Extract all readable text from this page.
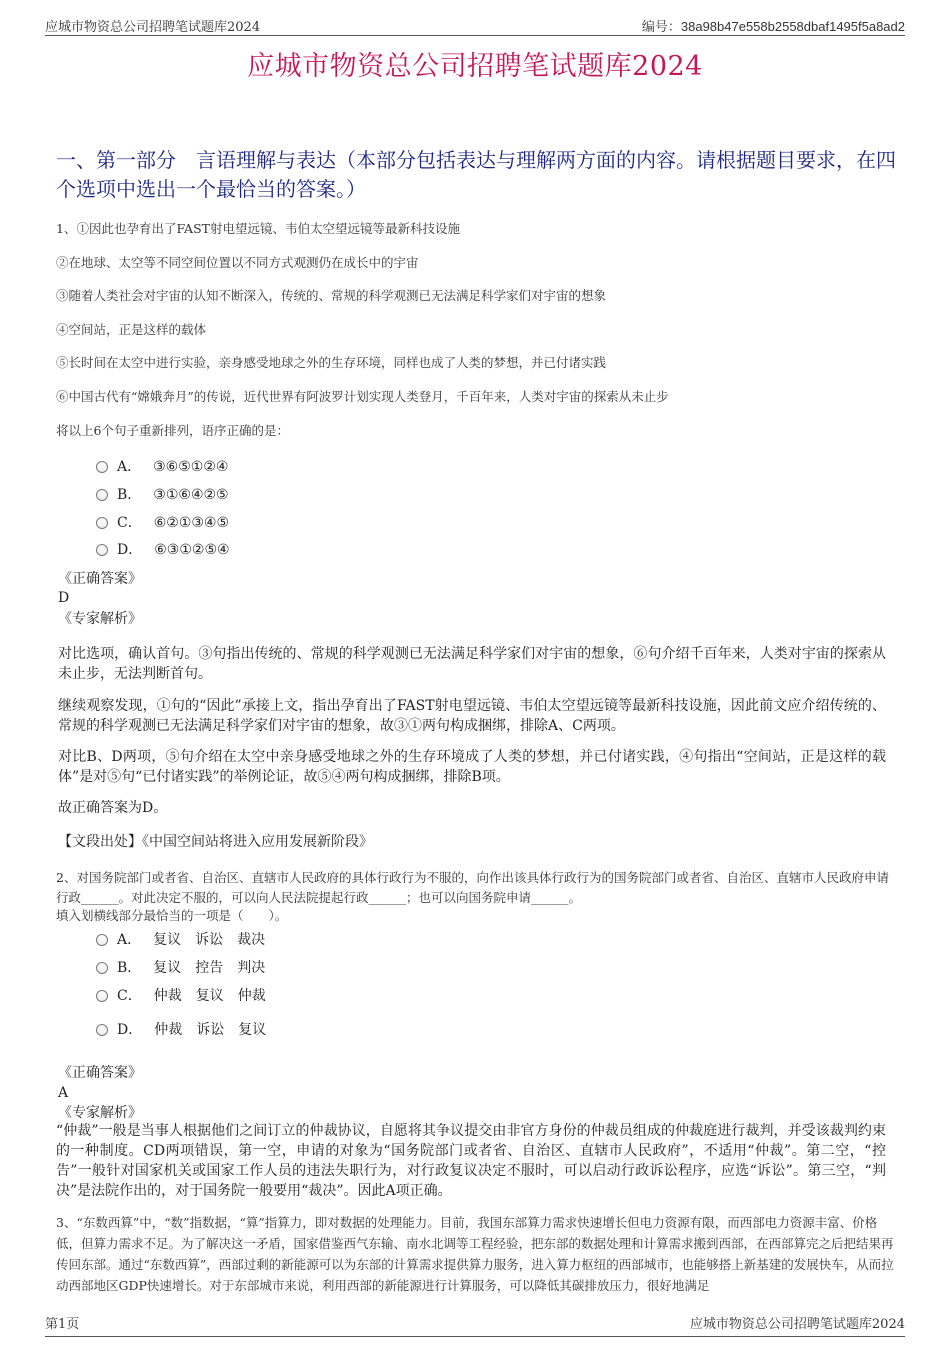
应城市物资总公司招聘笔试题库2024	编号：38a98b47e558b2558dbaf1495f5a8ad2
应城市物资总公司招聘笔试题库2024
一、第一部分　言语理解与表达（本部分包括表达与理解两方面的内容。请根据题目要求，在四个选项中选出一个最恰当的答案。）
1、①因此也孕育出了FAST射电望远镜、韦伯太空望远镜等最新科技设施
②在地球、太空等不同空间位置以不同方式观测仍在成长中的宇宙
③随着人类社会对宇宙的认知不断深入，传统的、常规的科学观测已无法满足科学家们对宇宙的想象
④空间站，正是这样的载体
⑤长时间在太空中进行实验，亲身感受地球之外的生存环境，同样也成了人类的梦想，并已付诸实践
⑥中国古代有“嫦娥奔月”的传说，近代世界有阿波罗计划实现人类登月，千百年来，人类对宇宙的探索从未止步
将以上6个句子重新排列，语序正确的是：
A． ③⑥⑤①②④
B． ③①⑥④②⑤
C． ⑥②①③④⑤
D． ⑥③①②⑤④
《正确答案》
D
《专家解析》
对比选项，确认首句。③句指出传统的、常规的科学观测已无法满足科学家们对宇宙的想象，⑥句介绍千百年来，人类对宇宙的探索从未止步，无法判断首句。
继续观察发现，①句的“因此”承接上文，指出孕育出了FAST射电望远镜、韦伯太空望远镜等最新科技设施，因此前文应介绍传统的、常规的科学观测已无法满足科学家们对宇宙的想象，故③①两句构成捆绑，排除A、C两项。
对比B、D两项，⑤句介绍在太空中亲身感受地球之外的生存环境成了人类的梦想，并已付诸实践，④句指出“空间站，正是这样的载体”是对⑤句“已付诸实践”的举例论证，故⑤④两句构成捆绑，排除B项。
故正确答案为D。
【文段出处】《中国空间站将进入应用发展新阶段》
2、对国务院部门或者省、自治区、直辖市人民政府的具体行政行为不服的，向作出该具体行政行为的国务院部门或者省、自治区、直辖市人民政府申请行政______。对此决定不服的，可以向人民法院提起行政______；也可以向国务院申请______。
填入划横线部分最恰当的一项是（　　）。
A． 复议　诉讼　裁决
B． 复议　控告　判决
C． 仲裁　复议　仲裁
D． 仲裁　诉讼　复议
《正确答案》
A
《专家解析》
“仲裁”一般是当事人根据他们之间订立的仲裁协议，自愿将其争议提交由非官方身份的仲裁员组成的仲裁庭进行裁判，并受该裁判约束的一种制度。CD两项错误，第一空，申请的对象为“国务院部门或者省、自治区、直辖市人民政府”，不适用“仲裁”。第二空，“控告”一般针对国家机关或国家工作人员的违法失职行为，对行政复议决定不服时，可以启动行政诉讼程序，应选“诉讼”。第三空，“判决”是法院作出的，对于国务院一般要用“裁决”。因此A项正确。
3、“东数西算”中，“数”指数据，“算”指算力，即对数据的处理能力。目前，我国东部算力需求快速增长但电力资源有限，而西部电力资源丰富、价格低，但算力需求不足。为了解决这一矛盾，国家借鉴西气东输、南水北调等工程经验，把东部的数据处理和计算需求搬到西部，在西部算完之后把结果再传回东部。通过“东数西算”，西部过剩的新能源可以为东部的计算需求提供算力服务，进入算力枢纽的西部城市，也能够搭上新基建的发展快车，从而拉动西部地区GDP快速增长。对于东部城市来说，利用西部的新能源进行计算服务，可以降低其碳排放压力，很好地满足
第1页	应城市物资总公司招聘笔试题库2024
